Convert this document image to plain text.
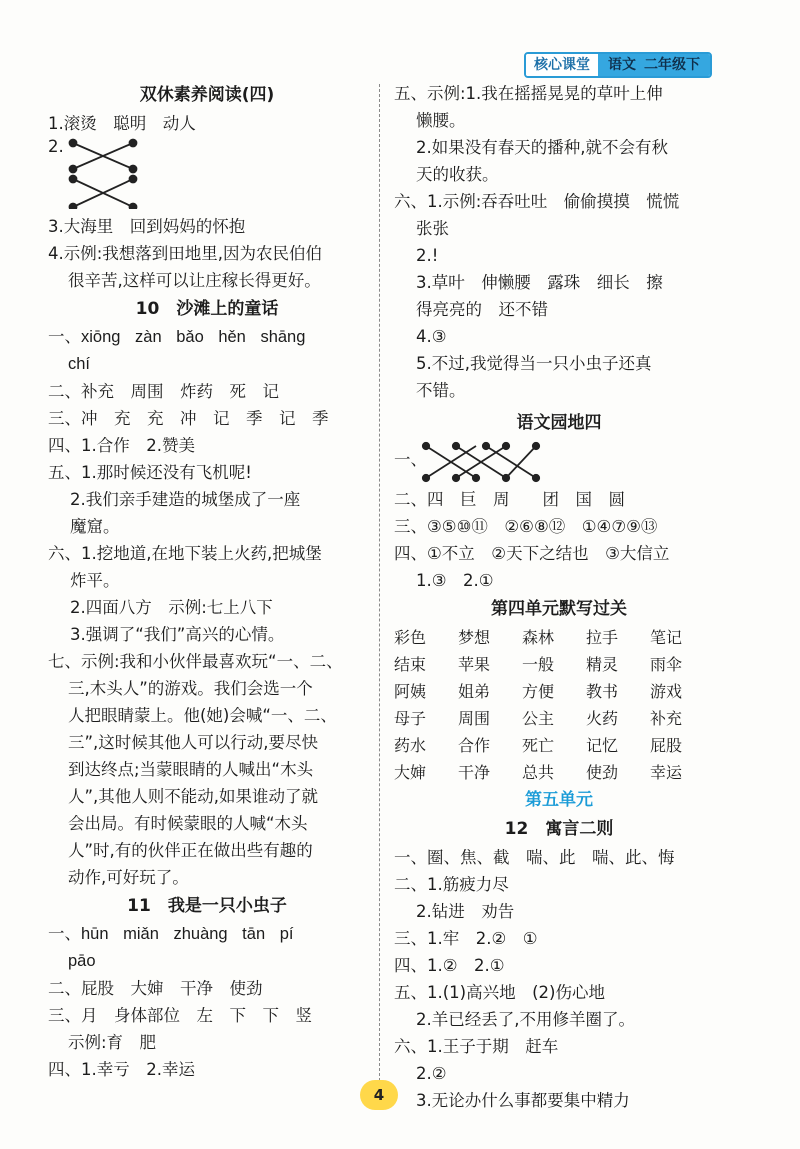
核心课堂	语文 二年级下
双休素养阅读(四)
1.滚烫　聪明　动人
2.
3.大海里　回到妈妈的怀抱
4.示例:我想落到田地里,因为农民伯伯
很辛苦,这样可以让庄稼长得更好。
10　沙滩上的童话
一、xiōng zàn bǎo hěn shāng
chí
二、补充　周围　炸药　死　记
三、冲　充　充　冲　记　季　记　季
四、1.合作　2.赞美
五、1.那时候还没有飞机呢!
2.我们亲手建造的城堡成了一座
魔窟。
六、1.挖地道,在地下装上火药,把城堡
炸平。
2.四面八方　示例:七上八下
3.强调了“我们”高兴的心情。
七、示例:我和小伙伴最喜欢玩“一、二、
三,木头人”的游戏。我们会选一个
人把眼睛蒙上。他(她)会喊“一、二、
三”,这时候其他人可以行动,要尽快
到达终点;当蒙眼睛的人喊出“木头
人”,其他人则不能动,如果谁动了就
会出局。有时候蒙眼的人喊“木头
人”时,有的伙伴正在做出些有趣的
动作,可好玩了。
11　我是一只小虫子
一、hūn miǎn zhuàng tān pí
pāo
二、屁股　大婶　干净　使劲
三、月　身体部位　左　下　下　竖
示例:育　肥
四、1.幸亏　2.幸运
五、示例:1.我在摇摇晃晃的草叶上伸
懒腰。
2.如果没有春天的播种,就不会有秋
天的收获。
六、1.示例:吞吞吐吐　偷偷摸摸　慌慌
张张
2.!
3.草叶　伸懒腰　露珠　细长　擦
得亮亮的　还不错
4.③
5.不过,我觉得当一只小虫子还真
不错。
语文园地四
一、
二、四　巨　周　　团　国　圆
三、③⑤⑩⑪　②⑥⑧⑫　①④⑦⑨⑬
四、①不立　②天下之结也　③大信立
1.③　2.①
第四单元默写过关
彩色	梦想	森林	拉手	笔记
结束	苹果	一般	精灵	雨伞
阿姨	姐弟	方便	教书	游戏
母子	周围	公主	火药	补充
药水	合作	死亡	记忆	屁股
大婶	干净	总共	使劲	幸运
第五单元
12　寓言二则
一、圈、焦、截　喘、此　喘、此、悔
二、1.筋疲力尽
2.钻进　劝告
三、1.牢　2.②　①
四、1.②　2.①
五、1.(1)高兴地　(2)伤心地
2.羊已经丢了,不用修羊圈了。
六、1.王子于期　赶车
2.②
3.无论办什么事都要集中精力
4
